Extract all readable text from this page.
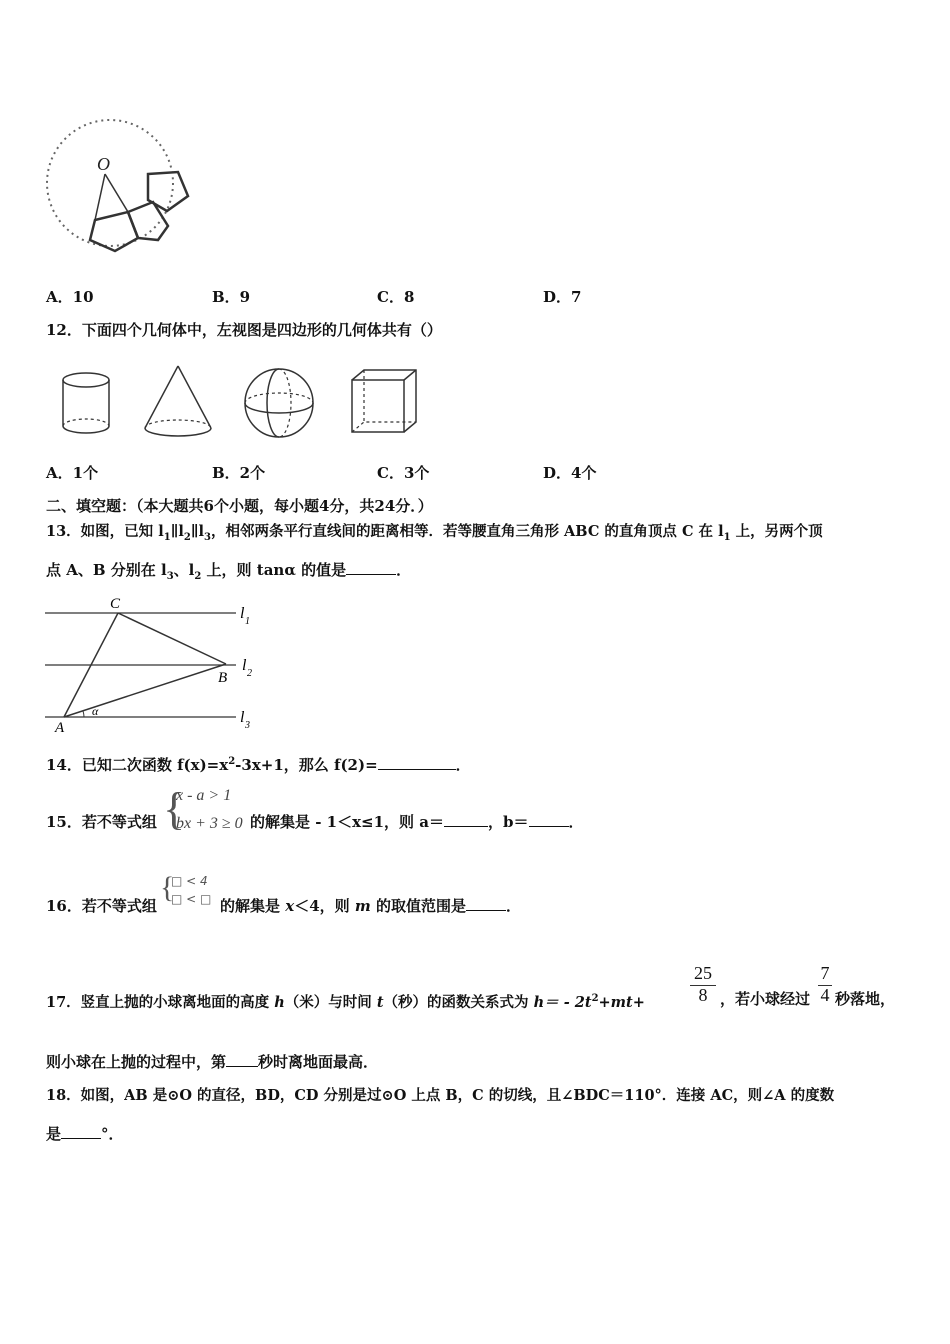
O
A．10	B．9	C．8	D．7
12．下面四个几何体中，左视图是四边形的几何体共有（）
A．1个	B．2个	C．3个	D．4个
二、填空题：（本大题共6个小题，每小题4分，共24分．）
13．如图，已知 $l_1\parallel l_2\parallel l_3$，相邻两条平行直线间的距离相等．若等腰直角三角形 ABC 的直角顶点 C 在 $l_1$ 上，另两个顶
点 A、B 分别在 $l_3$、$l_2$ 上，则 tanα 的值是	．
C
B
A
α
l 1
l 2
l 3
14．已知二次函数 $f(x)=x^2-3x+1$，那么 f(2)=	．
15．若不等式组 {
x - a > 1
bx + 3 ≥ 0 的解集是 - 1＜x≤1，则 a＝	，b＝	．
16．若不等式组
{
□ < 4
□ < □ 的解集是 x＜4，则 m 的取值范围是	．
17．竖直上抛的小球离地面的高度 h（米）与时间 t（秒）的函数关系式为 $h= - 2t^2+mt+$
25
8 ，若小球经过
7
4 秒落地，
则小球在上抛的过程中，第 秒时离地面最高．
18．如图，AB 是⊙O 的直径，BD，CD 分别是过⊙O 上点 B，C 的切线，且∠BDC＝110°．连接 AC，则∠A 的度数
是	°．
